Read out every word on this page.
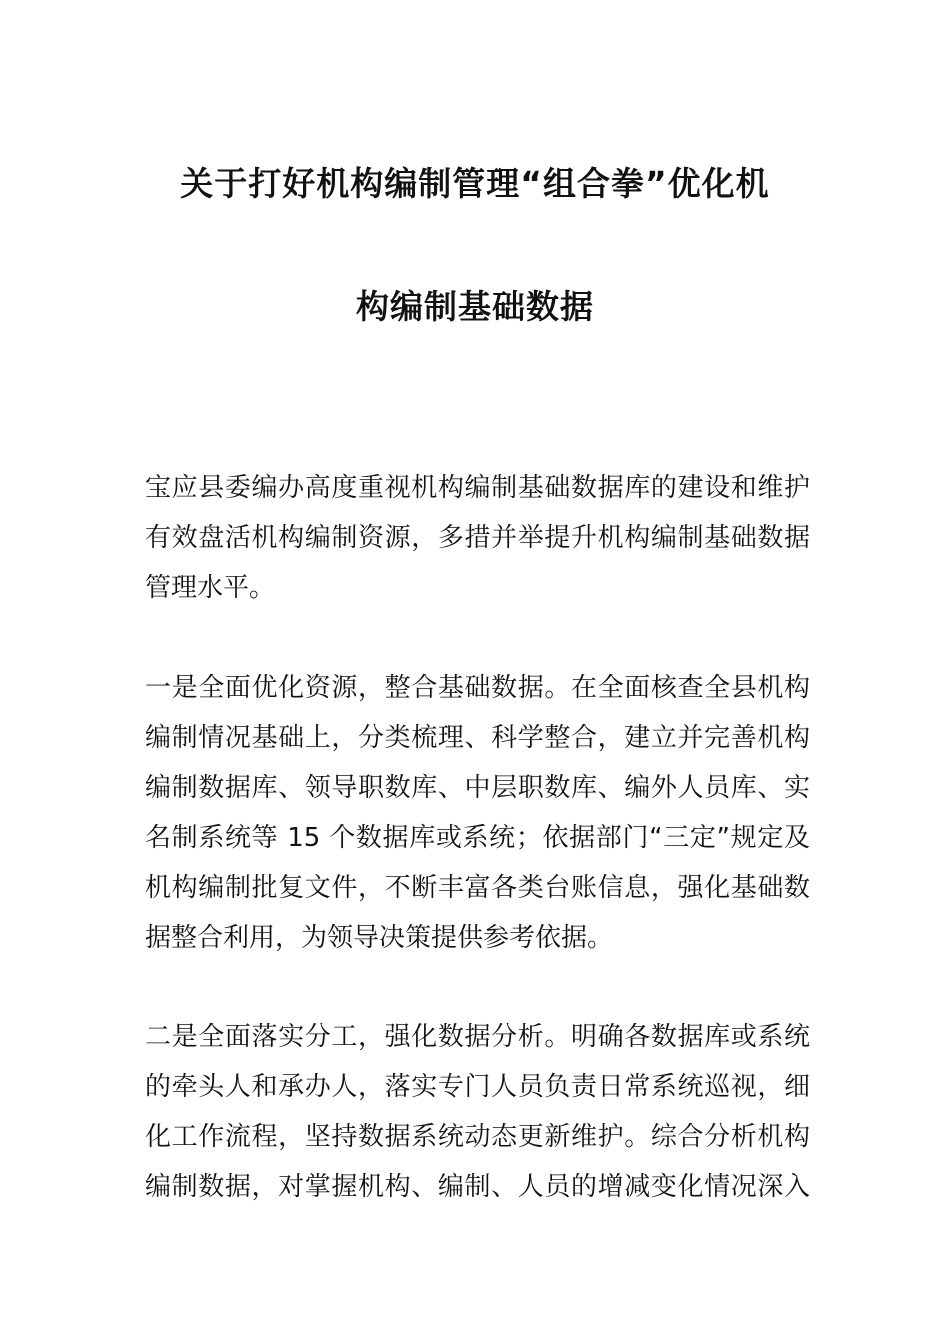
关于打好机构编制管理“组合拳”优化机
构编制基础数据
宝应县委编办高度重视机构编制基础数据库的建设和维护
有效盘活机构编制资源，多措并举提升机构编制基础数据
管理水平。
一是全面优化资源，整合基础数据。在全面核查全县机构
编制情况基础上，分类梳理、科学整合，建立并完善机构
编制数据库、领导职数库、中层职数库、编外人员库、实
名制系统等 15 个数据库或系统；依据部门“三定”规定及
机构编制批复文件，不断丰富各类台账信息，强化基础数
据整合利用，为领导决策提供参考依据。
二是全面落实分工，强化数据分析。明确各数据库或系统
的牵头人和承办人，落实专门人员负责日常系统巡视，细
化工作流程，坚持数据系统动态更新维护。综合分析机构
编制数据，对掌握机构、编制、人员的增减变化情况深入
